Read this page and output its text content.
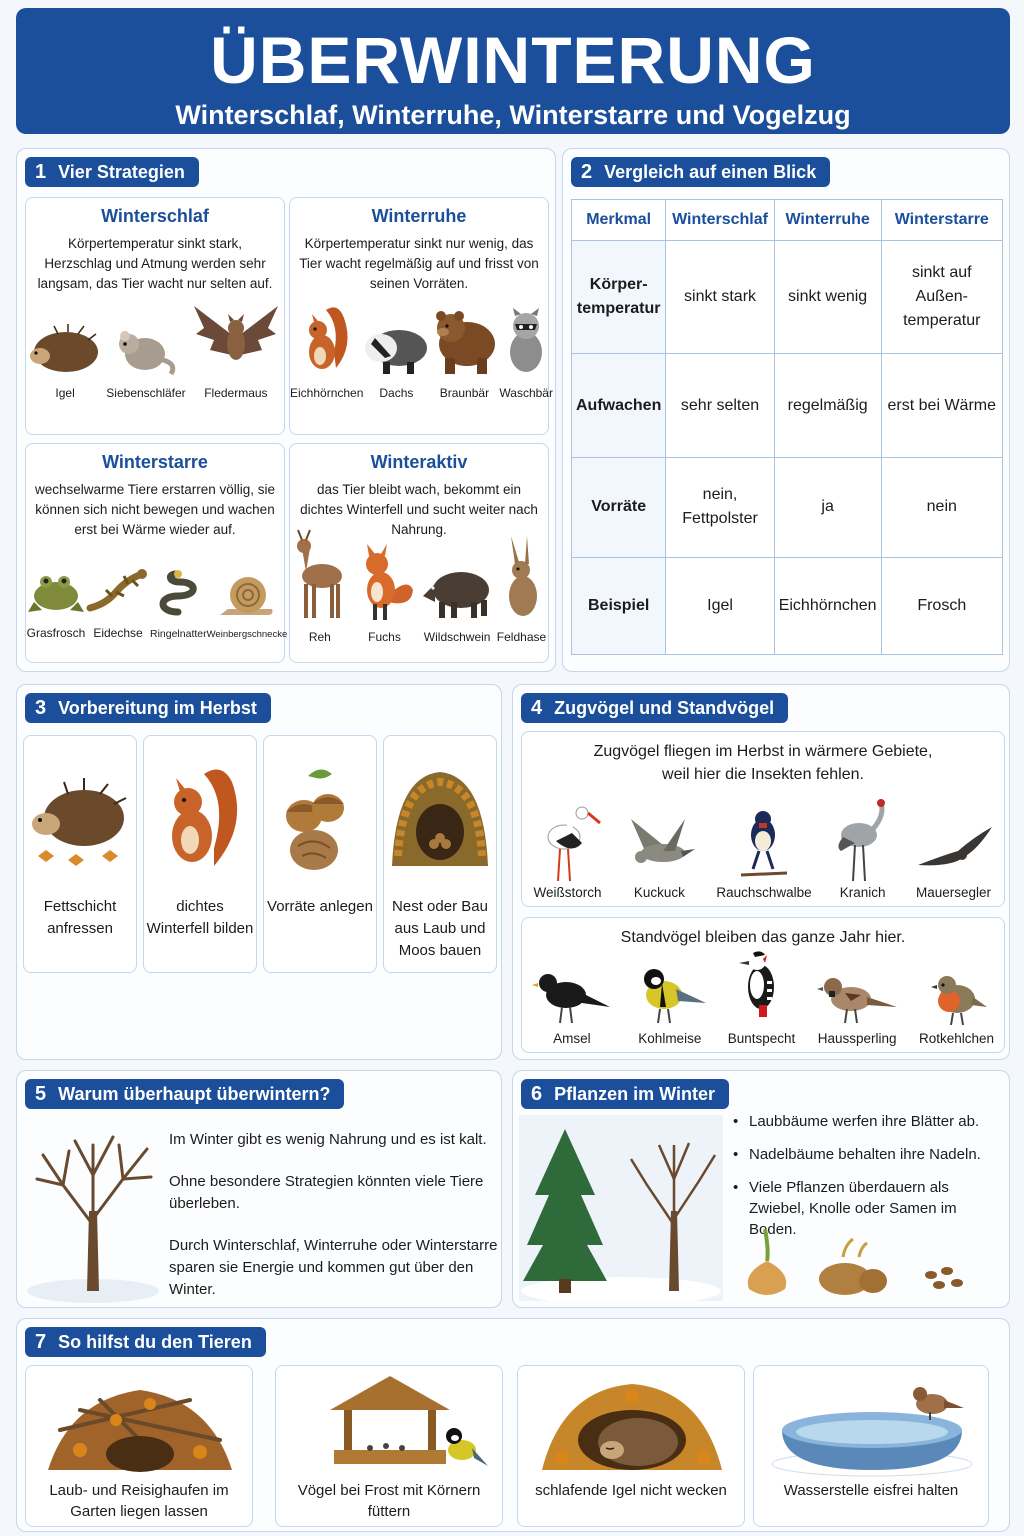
ÜBERWINTERUNG
Winterschlaf, Winterruhe, Winterstarre und Vogelzug
1 Vier Strategien
Winterschlaf
Körpertemperatur sinkt stark, Herzschlag und Atmung werden sehr langsam, das Tier wacht nur selten auf.
Igel	Siebenschläfer Fledermaus
Winterruhe
Körpertemperatur sinkt nur wenig, das Tier wacht regelmäßig auf und frisst von seinen Vorräten.
Eichhörnchen Dachs Braunbär Waschbär
Winterstarre
wechselwarme Tiere erstarren völlig, sie können sich nicht bewegen und wachen erst bei Wärme wieder auf.
Grasfrosch Eidechse Ringelnatter Weinbergschnecke
Winteraktiv
das Tier bleibt wach, bekommt ein dichtes Winterfell und sucht weiter nach Nahrung.
Reh	Fuchs Wildschwein Feldhase
2 Vergleich auf einen Blick
Merkmal	Winterschlaf	Winterruhe	Winterstarre
Körper-temperatur	sinkt stark	sinkt wenig	sinkt auf Außen-temperatur
Aufwachen	sehr selten	regelmäßig	erst bei Wärme
Vorräte	nein, Fettpolster	ja	nein
Beispiel	Igel	Eichhörnchen	Frosch
3 Vorbereitung im Herbst
Fettschicht anfressen
dichtes Winterfell bilden
Vorräte anlegen	Nest oder Bau aus Laub und Moos bauen
4 Zugvögel und Standvögel
Zugvögel fliegen im Herbst in wärmere Gebiete, weil hier die Insekten fehlen.
Weißstorch Kuckuck Rauchschwalbe Kranich Mauersegler
Standvögel bleiben das ganze Jahr hier.
Amsel	Kohlmeise Buntspecht Haussperling Rotkehlchen
5 Warum überhaupt überwintern?

Im Winter gibt es wenig Nahrung und es ist kalt.

Ohne besondere Strategien könnten viele Tiere überleben.

Durch Winterschlaf, Winterruhe oder Winterstarre sparen sie Energie und kommen gut über den Winter.

6 Pflanzen im Winter
• Laubbäume werfen ihre Blätter ab.
• Nadelbäume behalten ihre Nadeln.
• Viele Pflanzen überdauern als Zwiebel, Knolle oder Samen im Boden.
7 So hilfst du den Tieren
Laub- und Reisighaufen im Garten liegen lassen
Vögel bei Frost mit Körnern füttern
schlafende Igel nicht wecken	Wasserstelle eisfrei halten
